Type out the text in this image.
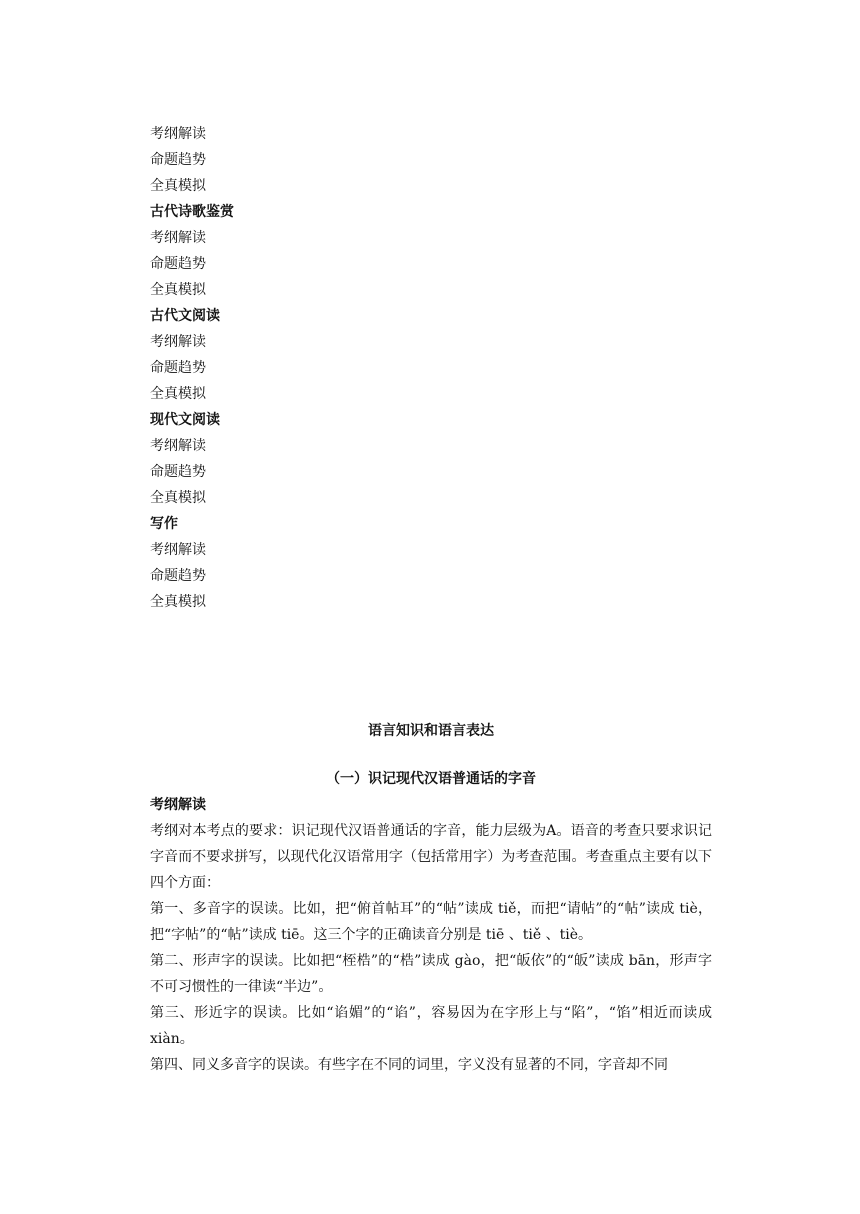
考纲解读
命题趋势
全真模拟
古代诗歌鉴赏
考纲解读
命题趋势
全真模拟
古代文阅读
考纲解读
命题趋势
全真模拟
现代文阅读
考纲解读
命题趋势
全真模拟
写作
考纲解读
命题趋势
全真模拟
语言知识和语言表达
（一）识记现代汉语普通话的字音
考纲解读

考纲对本考点的要求：识记现代汉语普通话的字音，能力层级为A。语音的考查只要求识记字音而不要求拼写，以现代化汉语常用字（包括常用字）为考查范围。考查重点主要有以下四个方面：

第一、多音字的误读。比如，把“俯首帖耳”的“帖”读成 tiě，而把“请帖”的“帖”读成 tiè，把“字帖”的“帖”读成 tiē。这三个字的正确读音分别是 tiē 、tiě 、tiè。

第二、形声字的误读。比如把“桎梏”的“梏”读成 gào，把“皈依”的“皈”读成 bān，形声字不可习惯性的一律读“半边”。

第三、形近字的误读。比如“谄媚”的“谄”，容易因为在字形上与“陷”，“馅”相近而读成 xiàn。

第四、同义多音字的误读。有些字在不同的词里，字义没有显著的不同，字音却不同
